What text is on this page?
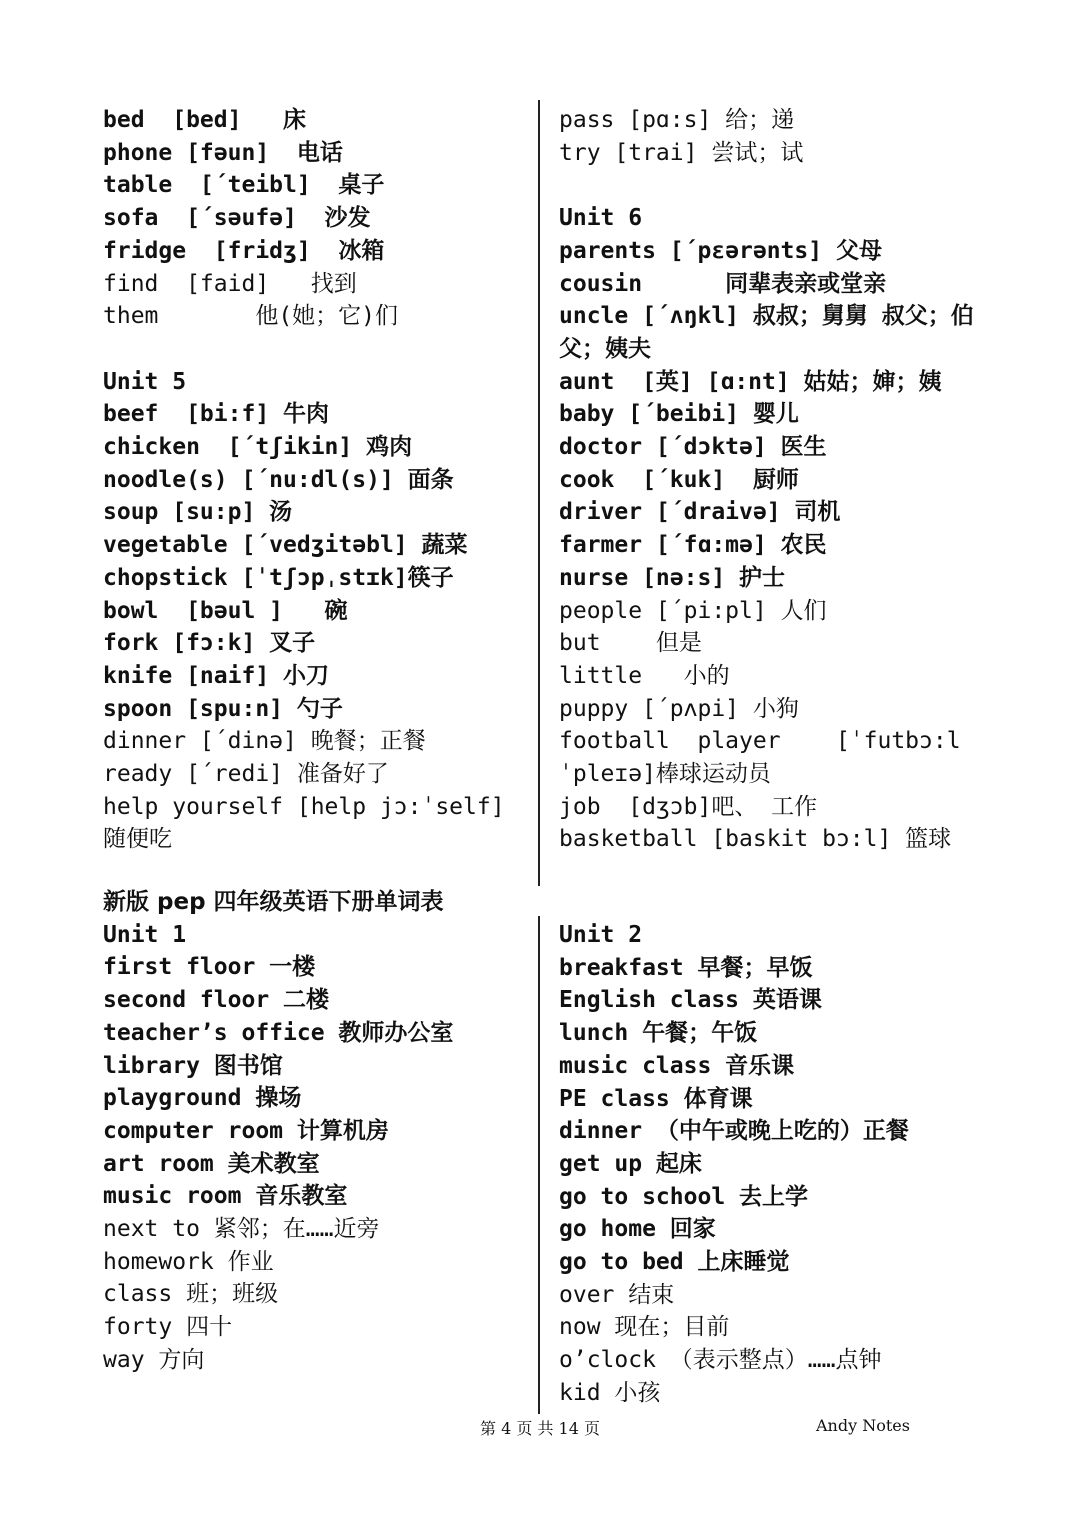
bed  [bed]   床
phone [fəun]  电话
table  [΄teibl]  桌子
sofa  [΄səufə]  沙发
fridge  [fridʒ]  冰箱
find  [faid]   找到
them       他(她；它)们
Unit 5
beef  [bi:f] 牛肉
chicken  [΄tʃikin] 鸡肉
noodle(s) [΄nu:dl(s)] 面条
soup [su:p] 汤
vegetable [΄vedʒitəbl] 蔬菜
chopstick [ˈtʃɔpˌstɪk]筷子
bowl  [bəul ]   碗
fork [fɔ:k] 叉子
knife [naif] 小刀
spoon [spu:n] 勺子
dinner [΄dinə] 晚餐；正餐
ready [΄redi] 准备好了
help yourself [help jɔ:ˈself] 随便吃
pass [pɑ:s] 给；递
try [trai] 尝试；试
Unit 6
parents [΄pεərənts] 父母
cousin      同辈表亲或堂亲
uncle [΄ʌŋkl] 叔叔；舅舅 叔父；伯父；姨夫
aunt  [英] [ɑ:nt] 姑姑；婶；姨
baby [΄beibi] 婴儿
doctor [΄dɔktə] 医生
cook  [΄kuk]  厨师
driver [΄draivə] 司机
farmer [΄fɑ:mə] 农民
nurse [nə:s] 护士
people [΄pi:pl] 人们
but    但是
little   小的
puppy [΄pʌpi] 小狗
football  player    [ˈfutbɔ:l ˈpleɪə]棒球运动员
job  [dʒɔb]吧、 工作
basketball [baskit bɔ:l] 篮球
新版 pep 四年级英语下册单词表
Unit 1
first floor 一楼
second floor 二楼
teacher’s office 教师办公室
library 图书馆
playground 操场
computer room 计算机房
art room 美术教室
music room 音乐教室
next to 紧邻；在……近旁
homework 作业
class 班；班级
forty 四十
way 方向
Unit 2
breakfast 早餐；早饭
English class 英语课
lunch 午餐；午饭
music class 音乐课
PE class 体育课
dinner （中午或晚上吃的）正餐
get up 起床
go to school 去上学
go home 回家
go to bed 上床睡觉
over 结束
now 现在；目前
o’clock （表示整点）……点钟
kid 小孩
第 4 页 共 14 页	Andy Notes
